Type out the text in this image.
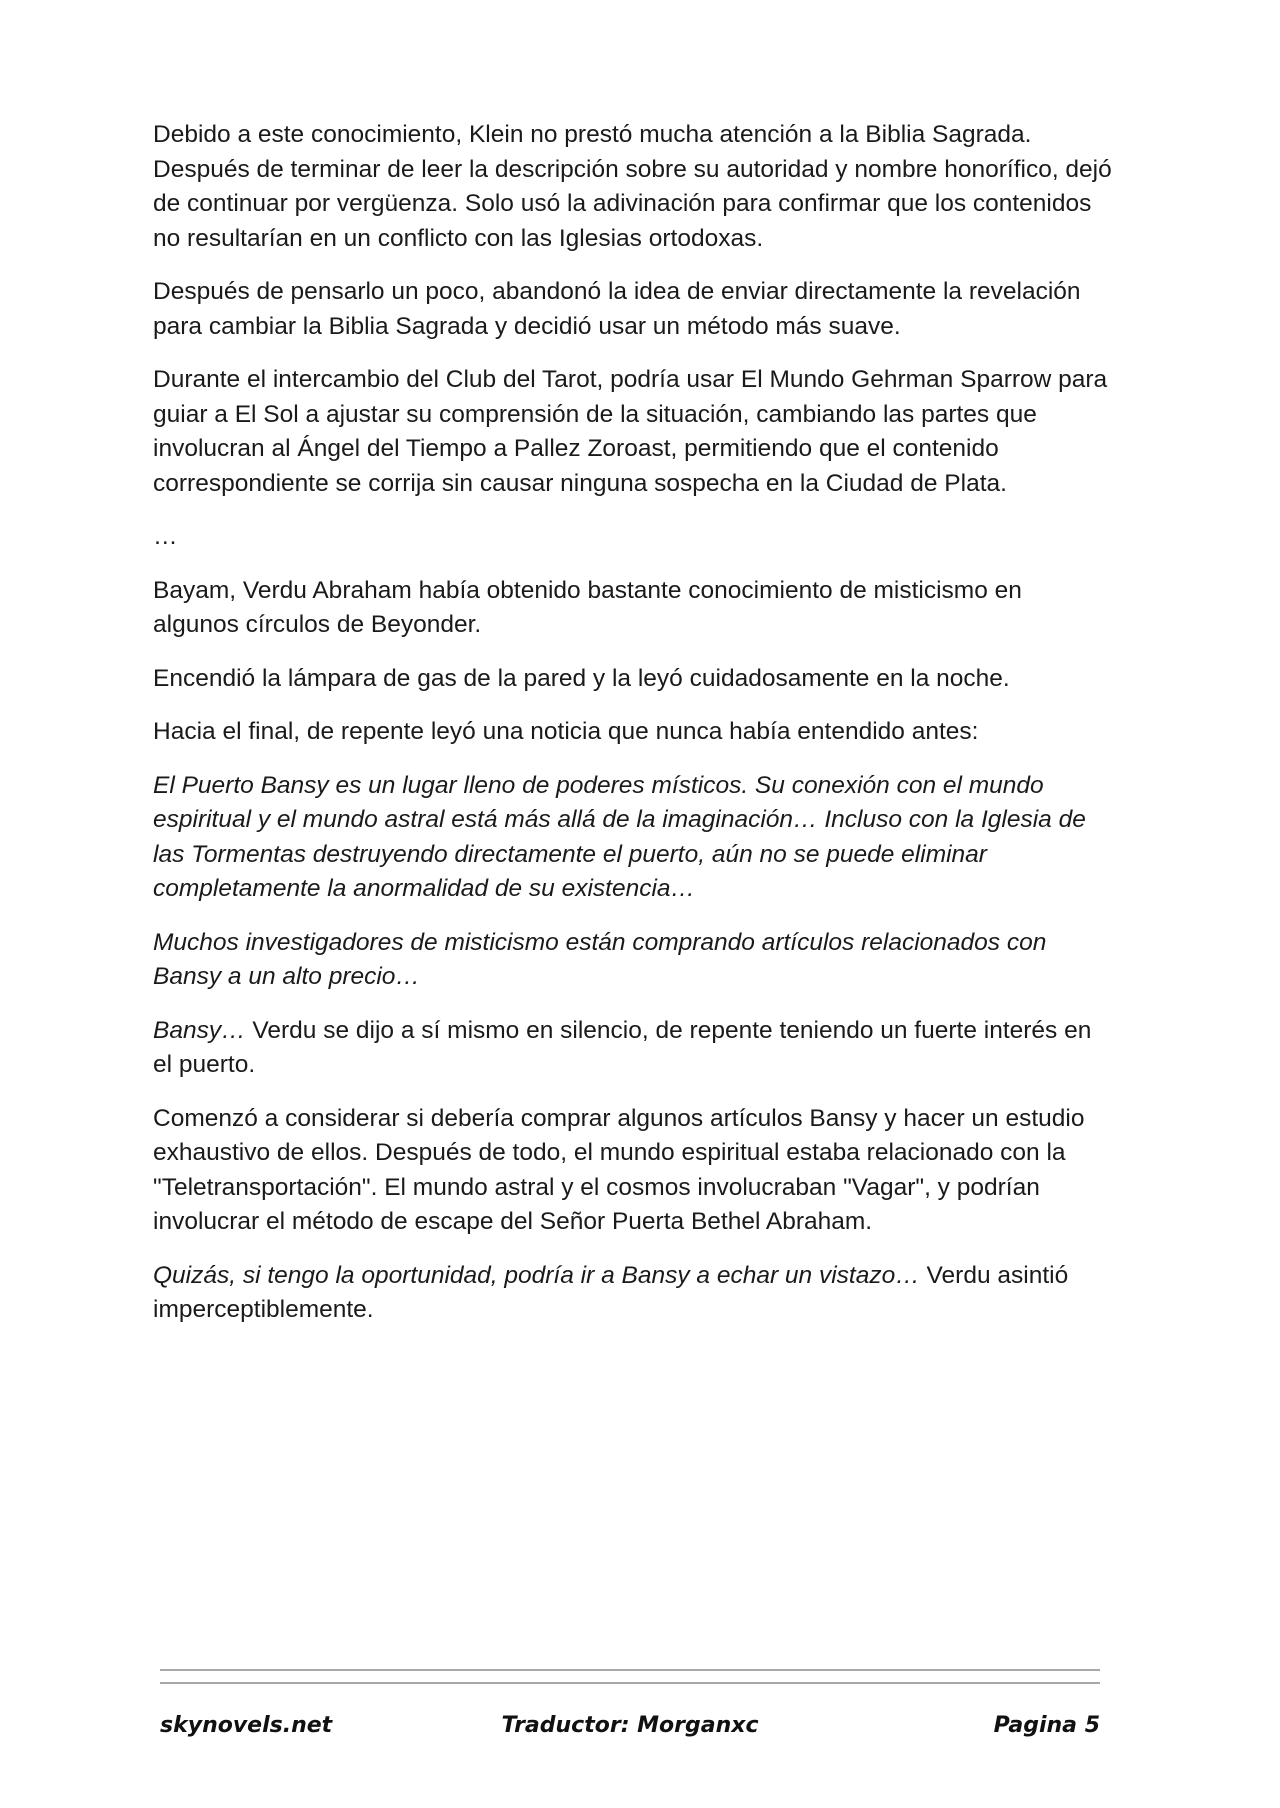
Debido a este conocimiento, Klein no prestó mucha atención a la Biblia Sagrada. Después de terminar de leer la descripción sobre su autoridad y nombre honorífico, dejó de continuar por vergüenza. Solo usó la adivinación para confirmar que los contenidos no resultarían en un conflicto con las Iglesias ortodoxas.

Después de pensarlo un poco, abandonó la idea de enviar directamente la revelación para cambiar la Biblia Sagrada y decidió usar un método más suave.

Durante el intercambio del Club del Tarot, podría usar El Mundo Gehrman Sparrow para guiar a El Sol a ajustar su comprensión de la situación, cambiando las partes que involucran al Ángel del Tiempo a Pallez Zoroast, permitiendo que el contenido correspondiente se corrija sin causar ninguna sospecha en la Ciudad de Plata.

…

Bayam, Verdu Abraham había obtenido bastante conocimiento de misticismo en algunos círculos de Beyonder.

Encendió la lámpara de gas de la pared y la leyó cuidadosamente en la noche.

Hacia el final, de repente leyó una noticia que nunca había entendido antes:

El Puerto Bansy es un lugar lleno de poderes místicos. Su conexión con el mundo espiritual y el mundo astral está más allá de la imaginación… Incluso con la Iglesia de las Tormentas destruyendo directamente el puerto, aún no se puede eliminar completamente la anormalidad de su existencia…

Muchos investigadores de misticismo están comprando artículos relacionados con Bansy a un alto precio…

Bansy… Verdu se dijo a sí mismo en silencio, de repente teniendo un fuerte interés en el puerto.

Comenzó a considerar si debería comprar algunos artículos Bansy y hacer un estudio exhaustivo de ellos. Después de todo, el mundo espiritual estaba relacionado con la "Teletransportación". El mundo astral y el cosmos involucraban "Vagar", y podrían involucrar el método de escape del Señor Puerta Bethel Abraham.

Quizás, si tengo la oportunidad, podría ir a Bansy a echar un vistazo… Verdu asintió imperceptiblemente.

skynovels.net	Traductor: Morganxc	Pagina 5
